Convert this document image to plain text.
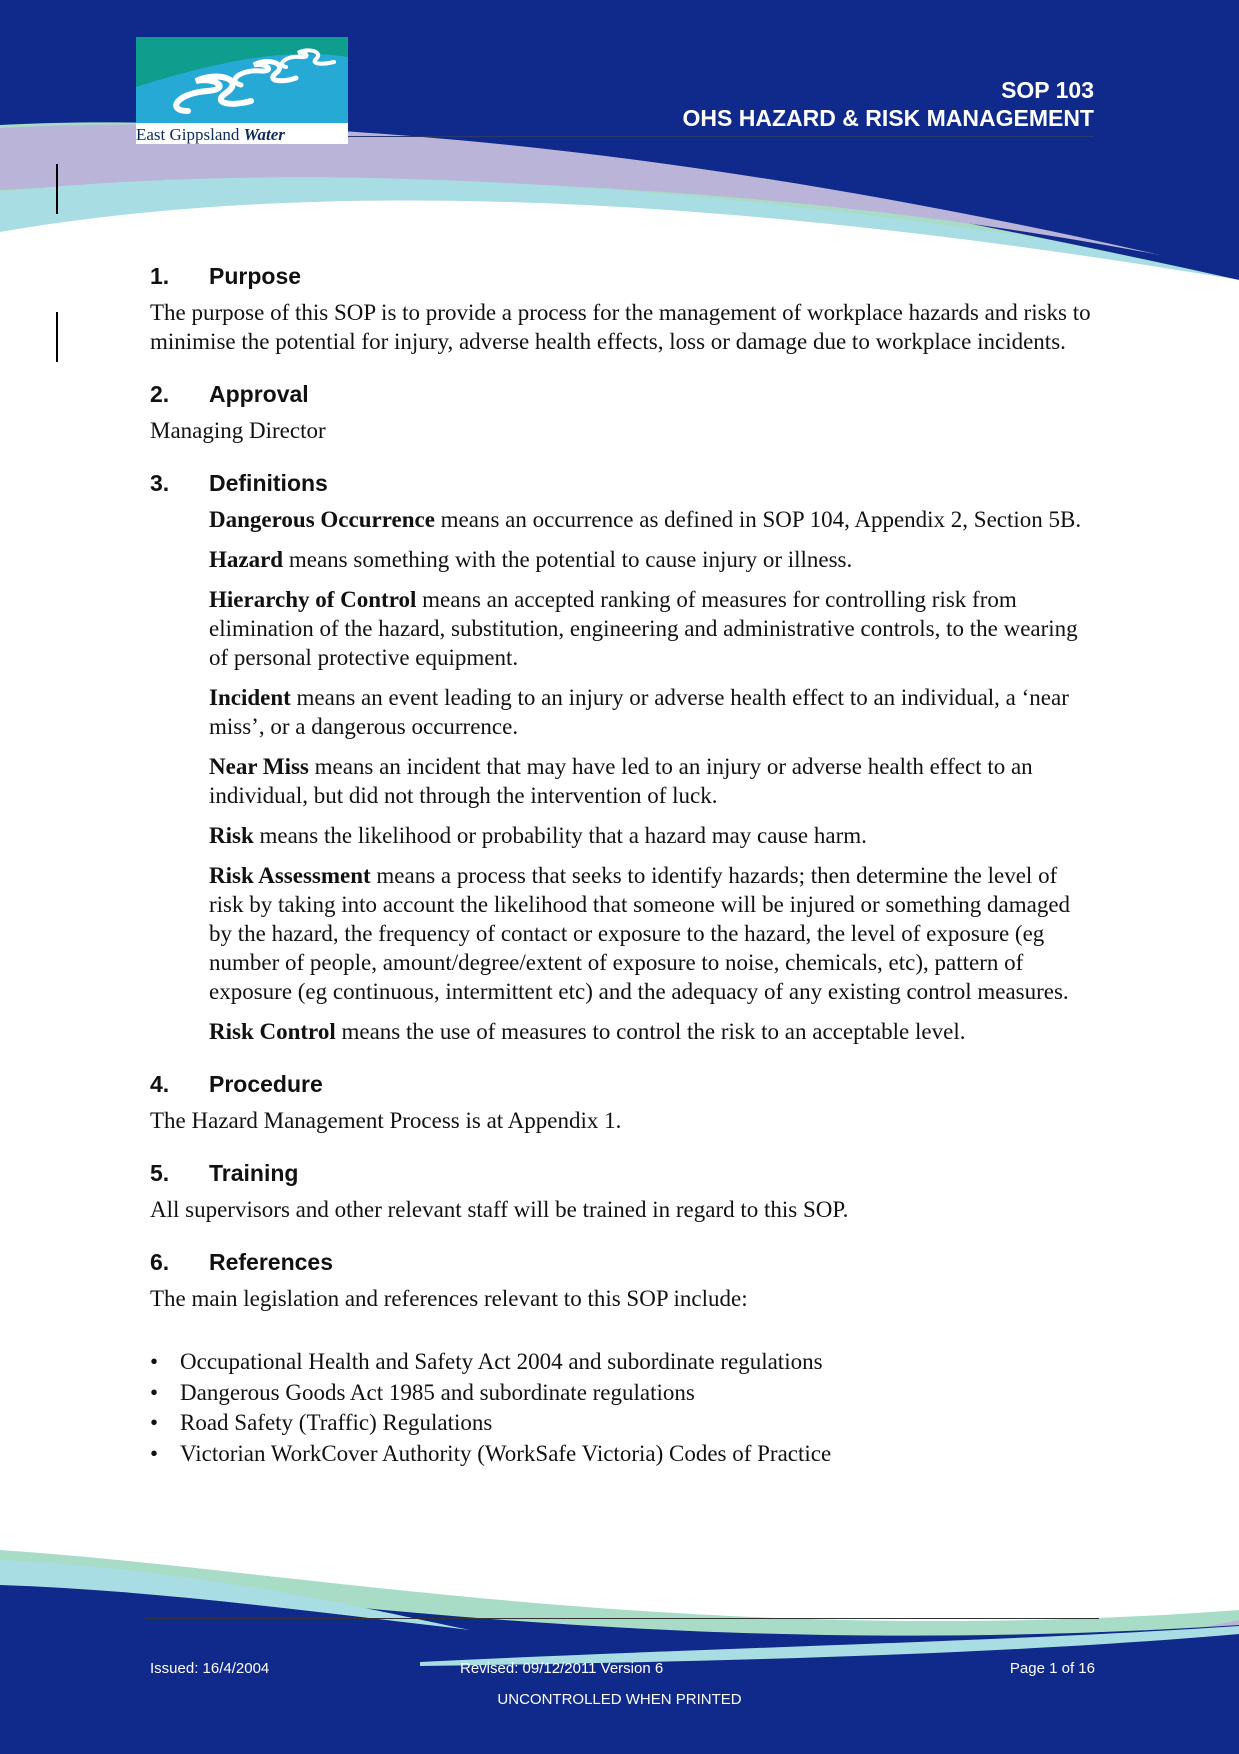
East Gippsland Water
SOP 103
OHS HAZARD & RISK MANAGEMENT
1.	Purpose
The purpose of this SOP is to provide a process for the management of workplace hazards and risks to minimise the potential for injury, adverse health effects, loss or damage due to workplace incidents.
2.	Approval
Managing Director
3.	Definitions
Dangerous Occurrence means an occurrence as defined in SOP 104, Appendix 2, Section 5B.
Hazard means something with the potential to cause injury or illness.
Hierarchy of Control means an accepted ranking of measures for controlling risk from elimination of the hazard, substitution, engineering and administrative controls, to the wearing of personal protective equipment.
Incident means an event leading to an injury or adverse health effect to an individual, a ‘near miss’, or a dangerous occurrence.
Near Miss means an incident that may have led to an injury or adverse health effect to an individual, but did not through the intervention of luck.
Risk means the likelihood or probability that a hazard may cause harm.
Risk Assessment means a process that seeks to identify hazards; then determine the level of risk by taking into account the likelihood that someone will be injured or something damaged by the hazard, the frequency of contact or exposure to the hazard, the level of exposure (eg number of people, amount/degree/extent of exposure to noise, chemicals, etc), pattern of exposure (eg continuous, intermittent etc) and the adequacy of any existing control measures.
Risk Control means the use of measures to control the risk to an acceptable level.
4.	Procedure
The Hazard Management Process is at Appendix 1.
5.	Training
All supervisors and other relevant staff will be trained in regard to this SOP.
6.	References
The main legislation and references relevant to this SOP include:
• Occupational Health and Safety Act 2004 and subordinate regulations
• Dangerous Goods Act 1985 and subordinate regulations
• Road Safety (Traffic) Regulations
• Victorian WorkCover Authority (WorkSafe Victoria) Codes of Practice
Issued: 16/4/2004	Revised: 09/12/2011 Version 6	Page 1 of 16
UNCONTROLLED WHEN PRINTED
